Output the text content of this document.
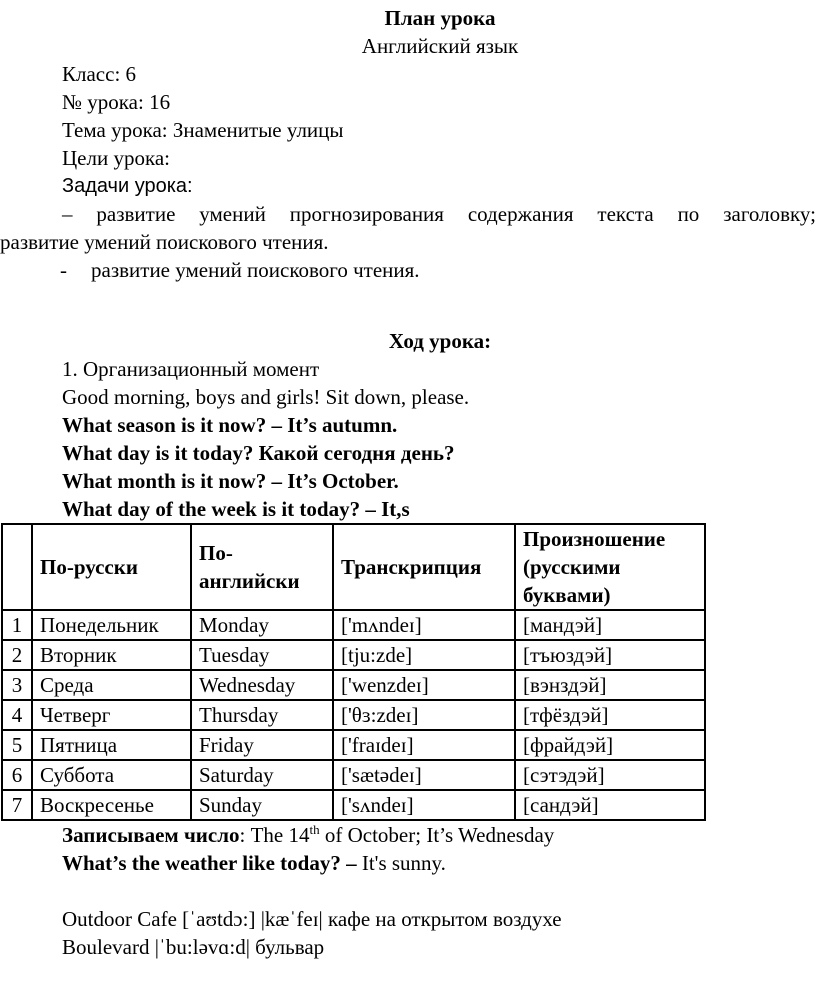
План урока
Английский язык
Класс: 6
№ урока: 16
Тема урока: Знаменитые улицы
Цели урока:
Задачи урока:
– развитие умений прогнозирования содержания текста по заголовку;
развитие умений поискового чтения.
- развитие умений поискового чтения.
Ход урока:
1. Организационный момент
Good morning, boys and girls! Sit down, please.
What season is it now? – It’s autumn.
What day is it today? Какой сегодня день?
What month is it now? – It’s October.
What day of the week is it today? – It,s
	По-русски	По-английски	Транскрипция	Произношение (русскими буквами)
1	Понедельник	Monday	['mʌndeɪ]	[мандэй]
2	Вторник	Tuesday	[tju:zde]	[тъюздэй]
3	Среда	Wednesday	['wenzdeɪ]	[вэнздэй]
4	Четверг	Thursday	['θɜ:zdeɪ]	[тфёздэй]
5	Пятница	Friday	['fraɪdeɪ]	[фрайдэй]
6	Суббота	Saturday	['sætədeɪ]	[сэтэдэй]
7	Воскресенье	Sunday	['sʌndeɪ]	[сандэй]
Записываем число: The 14th of October; It’s Wednesday
What’s the weather like today? – It's sunny.
Outdoor Cafe [ˈaʊtdɔ:] |kæˈfeɪ| кафе на открытом воздухе
Boulevard |ˈbu:ləvɑ:d| бульвар
